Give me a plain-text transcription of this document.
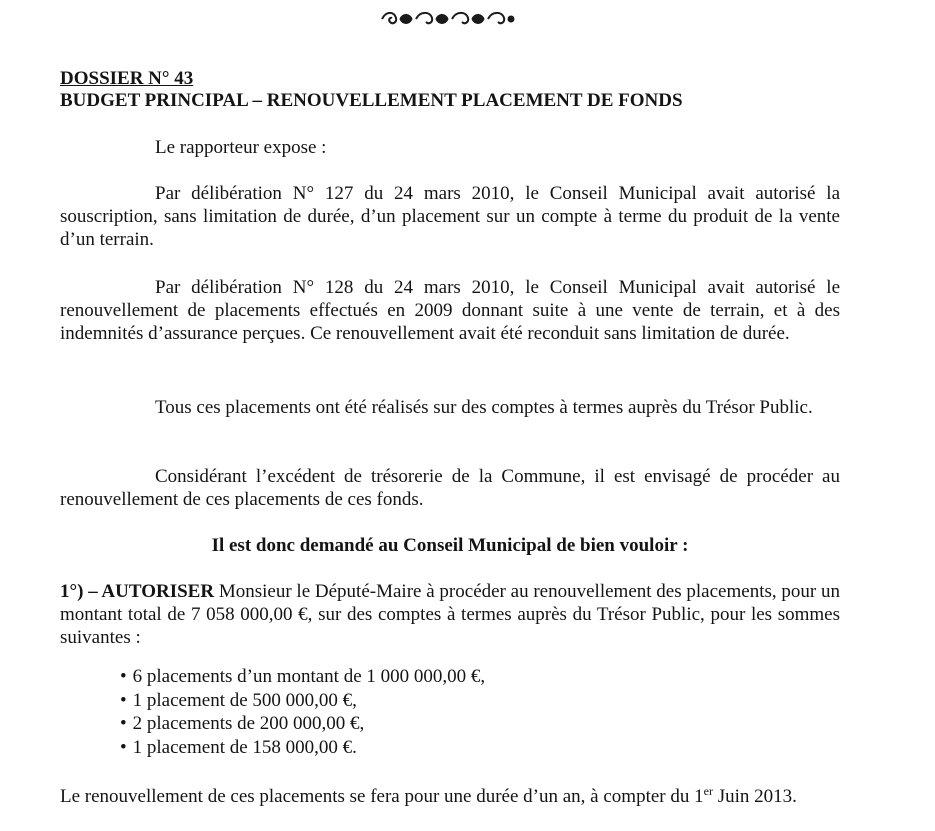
DOSSIER N° 43
BUDGET PRINCIPAL – RENOUVELLEMENT PLACEMENT DE FONDS

Le rapporteur expose :

Par délibération N° 127 du 24 mars 2010, le Conseil Municipal avait autorisé la souscription, sans limitation de durée, d’un placement sur un compte à terme du produit de la vente d’un terrain.

Par délibération N° 128 du 24 mars 2010, le Conseil Municipal avait autorisé le renouvellement de placements effectués en 2009 donnant suite à une vente de terrain, et à des indemnités d’assurance perçues. Ce renouvellement avait été reconduit sans limitation de durée.

Tous ces placements ont été réalisés sur des comptes à termes auprès du Trésor Public.

Considérant l’excédent de trésorerie de la Commune, il est envisagé de procéder au renouvellement de ces placements de ces fonds.

Il est donc demandé au Conseil Municipal de bien vouloir :

1°) – AUTORISER Monsieur le Député-Maire à procéder au renouvellement des placements, pour un montant total de 7 058 000,00 €, sur des comptes à termes auprès du Trésor Public, pour les sommes suivantes :

• 6 placements d’un montant de 1 000 000,00 €,
• 1 placement de 500 000,00 €,
• 2 placements de 200 000,00 €,
• 1 placement de 158 000,00 €.

Le renouvellement de ces placements se fera pour une durée d’un an, à compter du 1er Juin 2013.
